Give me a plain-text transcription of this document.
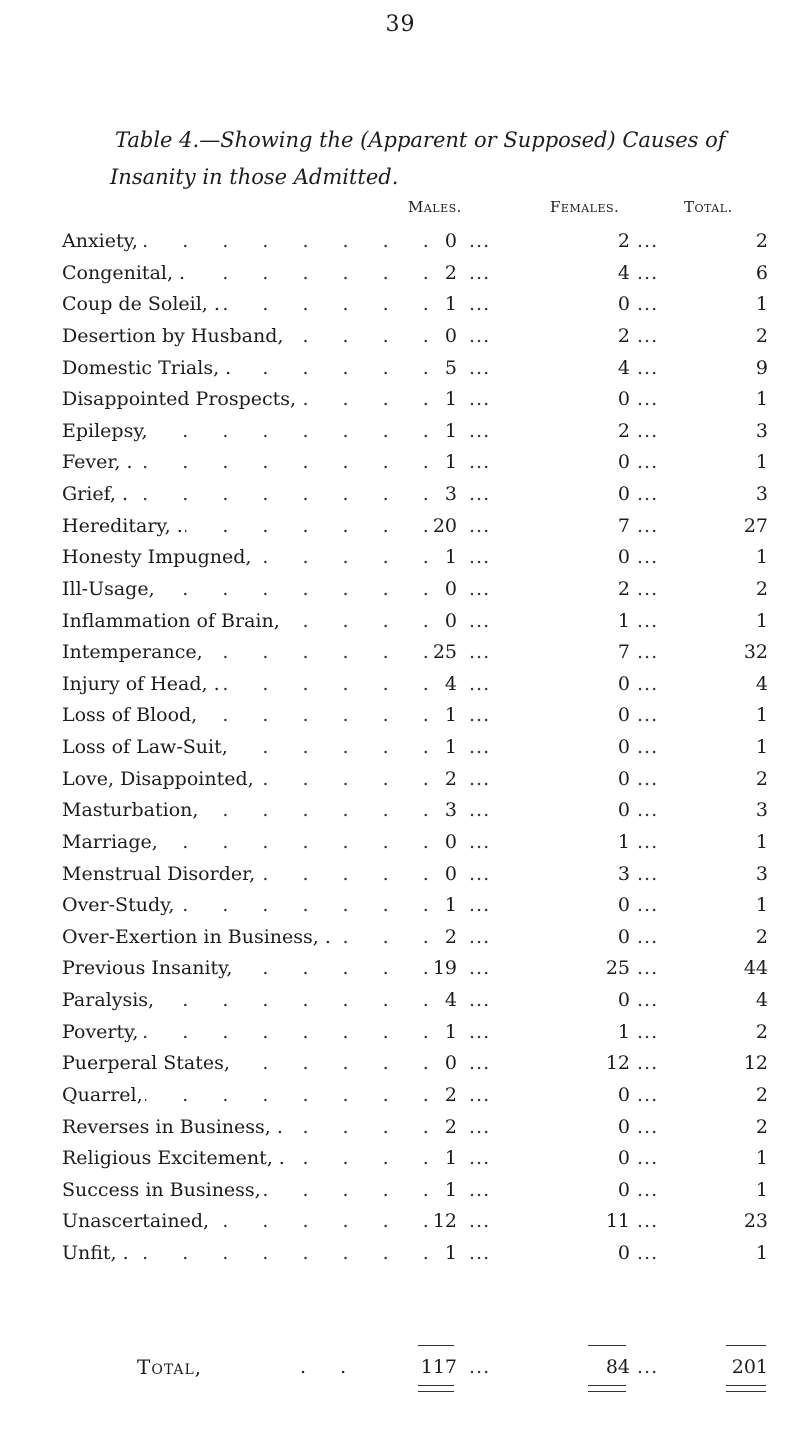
39
Table 4.—Showing the (Apparent or Supposed) Causes of
Insanity in those Admitted.
Males.	Females.	Total.
Anxiety, . . .	0 ...	2 ...	2
Congenital, . . . .	2 ...	4 ...	6
Coup de Soleil, . . . .	1 ...	0 ...	1
Desertion by Husband, . . .	0 ...	2 ...	2
Domestic Trials, . . . .	5 ...	4 ...	9
Disappointed Prospects, . . .	1 ...	0 ...	1
Epilepsy, . . .	1 ...	2 ...	3
Fever, . . . .	1 ...	0 ...	1
Grief, . . . .	3 ...	0 ...	3
Hereditary, . . . .	20 ...	7 ...	27
Honesty Impugned, . . .	1 ...	0 ...	1
Ill-Usage, . . .	0 ...	2 ...	2
Inflammation of Brain, . . .	0 ...	1 ...	1
Intemperance, . . .	25 ...	7 ...	32
Injury of Head, . . . .	4 ...	0 ...	4
Loss of Blood, . . .	1 ...	0 ...	1
Loss of Law-Suit, . . .	1 ...	0 ...	1
Love, Disappointed, . . .	2 ...	0 ...	2
Masturbation, . . .	3 ...	0 ...	3
Marriage, . . .	0 ...	1 ...	1
Menstrual Disorder, . . .	0 ...	3 ...	3
Over-Study, . . .	1 ...	0 ...	1
Over-Exertion in Business, . . . .	2 ...	0 ...	2
Previous Insanity, . . .	19 ...	25 ...	44
Paralysis, . . .	4 ...	0 ...	4
Poverty, . . .	1 ...	1 ...	2
Puerperal States, . . .	0 ...	12 ...	12
Quarrel, . . .	2 ...	0 ...	2
Reverses in Business, . . . .	2 ...	0 ...	2
Religious Excitement, . . . .	1 ...	0 ...	1
Success in Business, . . .	1 ...	0 ...	1
Unascertained, . . .	12 ...	11 ...	23
Unfit, . . . .	1 ...	0 ...	1
Total,	. .	117 ...	84 ...	201
